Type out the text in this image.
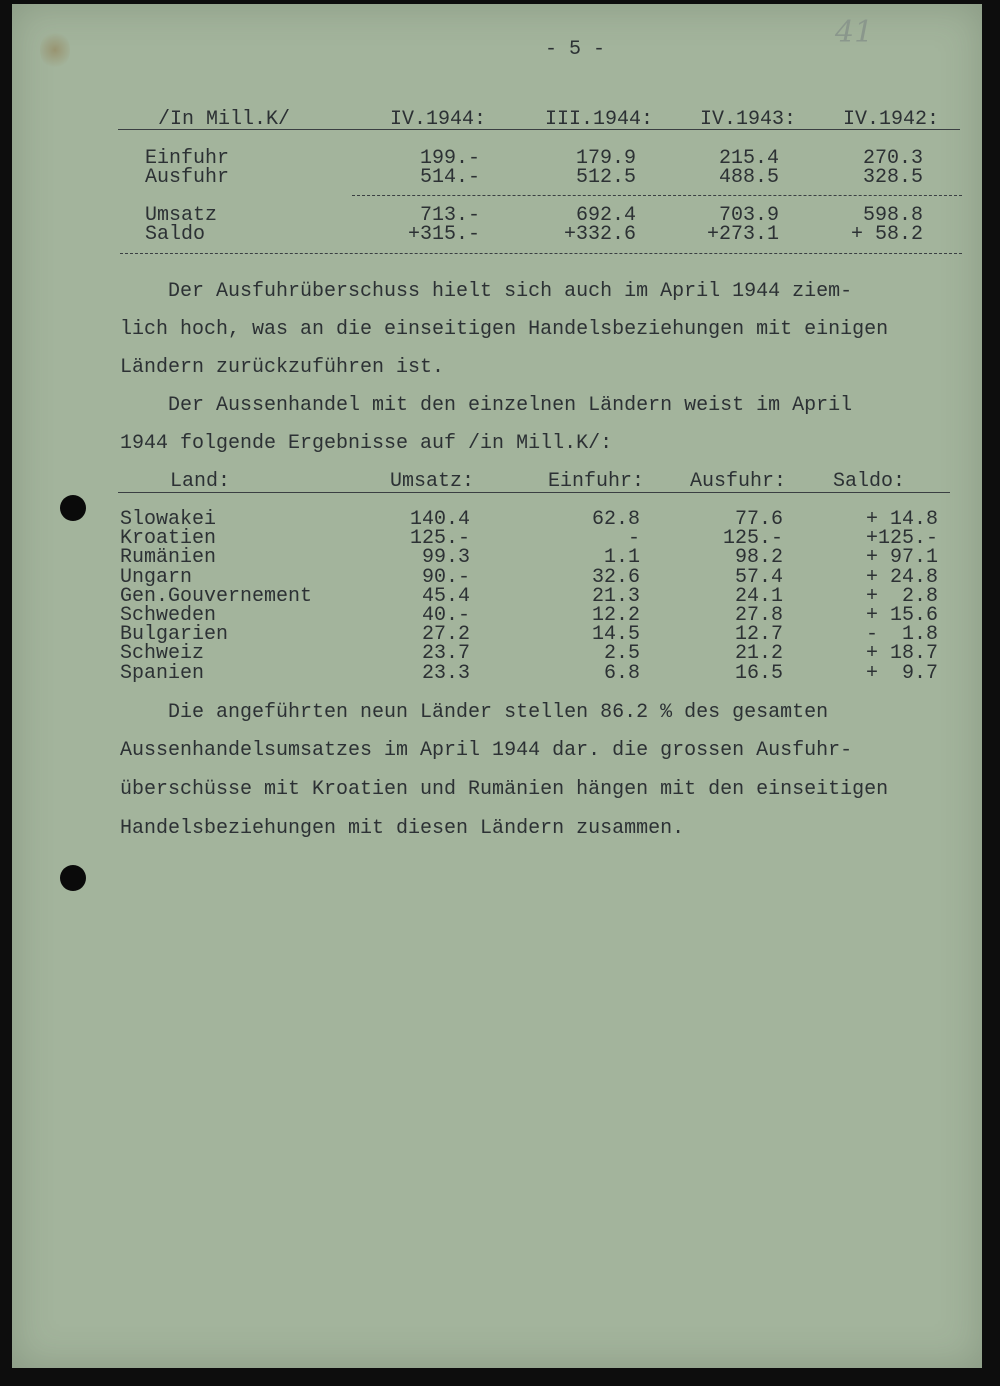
- 5 -	41
/In Mill.K/	IV.1944:	III.1944: IV.1943: IV.1942:
Einfuhr	199.-	179.9	215.4	270.3
Ausfuhr	514.-	512.5	488.5	328.5
Umsatz	713.-	692.4	703.9	598.8
Saldo	+315.-	+332.6	+273.1	+ 58.2
Der Ausfuhrüberschuss hielt sich auch im April 1944 ziem-
lich hoch, was an die einseitigen Handelsbeziehungen mit einigen
Ländern zurückzuführen ist.
Der Aussenhandel mit den einzelnen Ländern weist im April
1944 folgende Ergebnisse auf /in Mill.K/:
Land:	Umsatz:	Einfuhr: Ausfuhr: Saldo:
Slowakei	140.4	62.8	77.6	+ 14.8
Kroatien	125.-	-	125.-	+125.-
Rumänien	99.3	1.1	98.2	+ 97.1
Ungarn	90.-	32.6	57.4	+ 24.8
Gen.Gouvernement	45.4	21.3	24.1	+  2.8
Schweden	40.-	12.2	27.8	+ 15.6
Bulgarien	27.2	14.5	12.7	-  1.8
Schweiz	23.7	2.5	21.2	+ 18.7
Spanien	23.3	6.8	16.5	+  9.7
Die angeführten neun Länder stellen 86.2 % des gesamten
Aussenhandelsumsatzes im April 1944 dar. die grossen Ausfuhr-
überschüsse mit Kroatien und Rumänien hängen mit den einseitigen
Handelsbeziehungen mit diesen Ländern zusammen.
